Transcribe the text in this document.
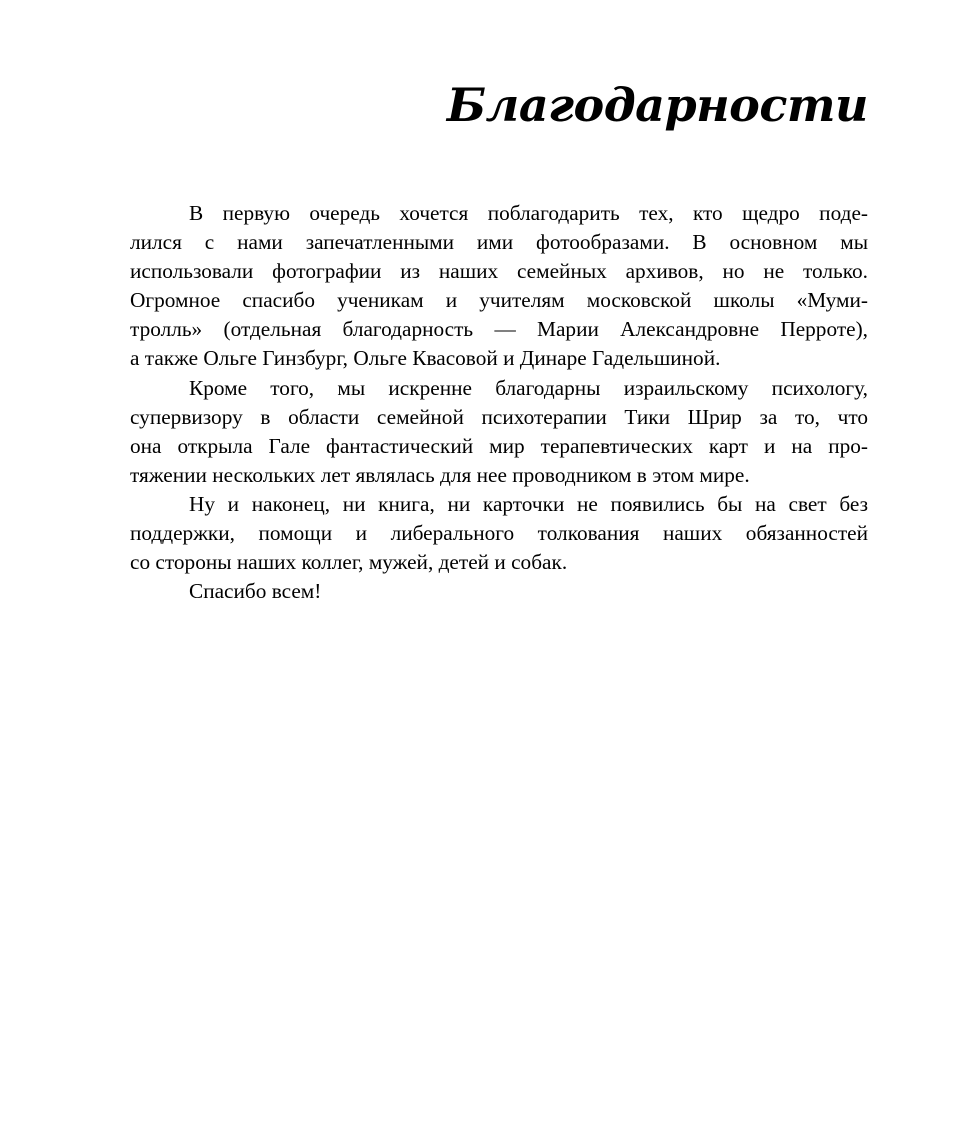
Благодарности
В первую очередь хочется поблагодарить тех, кто щедро поде-
лился с нами запечатленными ими фотообразами. В основном мы
использовали фотографии из наших семейных архивов, но не только.
Огромное спасибо ученикам и учителям московской школы «Муми-
тролль» (отдельная благодарность — Марии Александровне Перроте),
а также Ольге Гинзбург, Ольге Квасовой и Динаре Гадельшиной.
Кроме того, мы искренне благодарны израильскому психологу,
супервизору в области семейной психотерапии Тики Шрир за то, что
она открыла Гале фантастический мир терапевтических карт и на про-
тяжении нескольких лет являлась для нее проводником в этом мире.
Ну и наконец, ни книга, ни карточки не появились бы на свет без
поддержки, помощи и либерального толкования наших обязанностей
со стороны наших коллег, мужей, детей и собак.
Спасибо всем!
